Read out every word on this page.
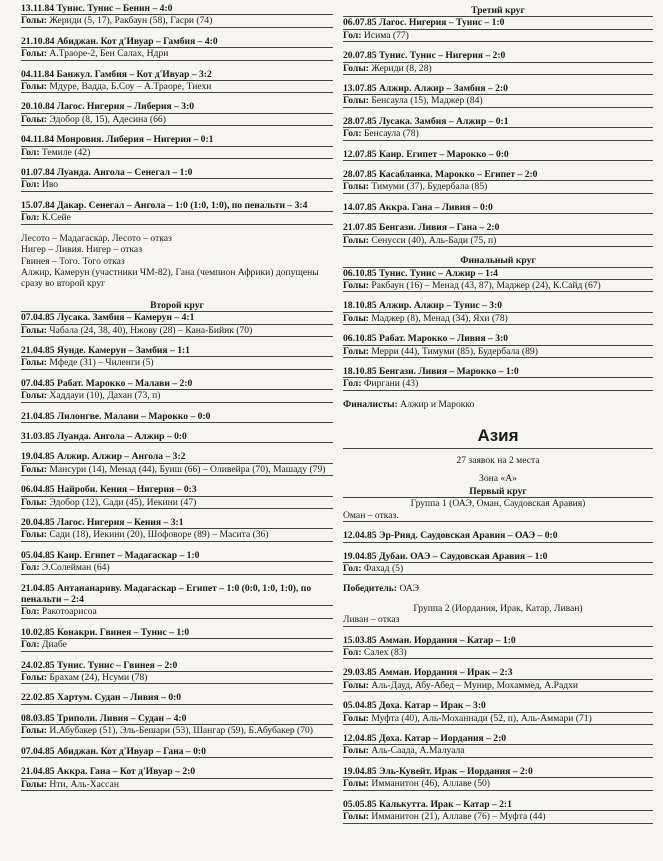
13.11.84 Тунис. Тунис – Бенин – 4:0
Голы: Жериди (5, 17), Ракбаун (58), Гасри (74)
21.10.84 Абиджан. Кот д'Ивуар – Гамбия – 4:0
Голы: А.Траоре-2, Бен Салах, Ндри
04.11.84 Банжул. Гамбия – Кот д'Ивуар – 3:2
Голы: Мдуре, Вадда, Б.Соу – А.Траоре, Тиехи
20.10.84 Лагос. Нигерия – Либерия – 3:0
Голы: Эдобор (8, 15), Адесина (66)
04.11.84 Монровия. Либерия – Нигерия – 0:1
Гол: Темиле (42)
01.07.84 Луанда. Ангола – Сенегал – 1:0
Гол: Иво
15.07.84 Дакар. Сенегал – Ангола – 1:0 (1:0, 1:0), по пенальти – 3:4
Гол: К.Сейе
Лесото – Мадагаскар. Лесото – отказ
Нигер – Ливия. Нигер – отказ
Гвинея – Того. Того отказ
Алжир, Камерун (участники ЧМ-82), Гана (чемпион Африки) допущены сразу во второй круг
Второй круг
07.04.85 Лусака. Замбия – Камерун – 4:1
Голы: Чабала (24, 38, 40), Нжову (28) – Кана-Бийик (70)
21.04.85 Яунде. Камерун – Замбия – 1:1
Голы: Мфеде (31) – Чиленги (5)
07.04.85 Рабат. Марокко – Малави – 2:0
Голы: Хаддауи (10), Дахан (73, п)
21.04.85 Лилонгве. Малави – Марокко – 0:0
31.03.85 Луанда. Ангола – Алжир – 0:0
19.04.85 Алжир. Алжир – Ангола – 3:2
Голы: Мансури (14), Менад (44), Буиш (66) – Оливейра (70), Машаду (79)
06.04.85 Найроби. Кения – Нигерия – 0:3
Голы: Эдобор (12), Сади (45), Иекини (47)
20.04.85 Лагос. Нигерия – Кения – 3:1
Голы: Сади (18), Иекини (20), Шофоворе (89) – Масита (36)
05.04.85 Каир. Египет – Мадагаскар – 1:0
Гол: Э.Солейман (64)
21.04.85 Антананариву. Мадагаскар – Египет – 1:0 (0:0, 1:0, 1:0), по пенальти – 2:4
Гол: Ракотоарисоа
10.02.85 Конакри. Гвинея – Тунис – 1:0
Гол: Диабе
24.02.85 Тунис. Тунис – Гвинея – 2:0
Голы: Брахам (24), Нсуми (78)
22.02.85 Хартум. Судан – Ливия – 0:0
08.03.85 Триполи. Ливия – Судан – 4:0
Голы: И.Абубакер (51), Эль-Бешари (53), Шангар (59), Б.Абубакер (70)
07.04.85 Абиджан. Кот д'Ивуар – Гана – 0:0
21.04.85 Аккра. Гана – Кот д'Ивуар – 2:0
Голы: Нти, Аль-Хассан
Третий круг
06.07.85 Лагос. Нигерия – Тунис – 1:0
Гол: Исима (77)
20.07.85 Тунис. Тунис – Нигерия – 2:0
Голы: Жериди (8, 28)
13.07.85 Алжир. Алжир – Замбия – 2:0
Голы: Бенсаула (15), Маджер (84)
28.07.85 Лусака. Замбия – Алжир – 0:1
Гол: Бенсаула (78)
12.07.85 Каир. Египет – Марокко – 0:0
28.07.85 Касабланка. Марокко – Египет – 2:0
Голы: Тимуми (37), Будербала (85)
14.07.85 Аккра. Гана – Ливия – 0:0
21.07.85 Бенгази. Ливия – Гана – 2:0
Голы: Сенусси (40), Аль-Бади (75, п)
Финальный круг
06.10.85 Тунис. Тунис – Алжир – 1:4
Голы: Ракбаун (16) – Менад (43, 87), Маджер (24), К.Сайд (67)
18.10.85 Алжир. Алжир – Тунис – 3:0
Голы: Маджер (8), Менад (34), Яхи (78)
06.10.85 Рабат. Марокко – Ливия – 3:0
Голы: Мерри (44), Тимуми (85), Будербала (89)
18.10.85 Бенгази. Ливия – Марокко – 1:0
Гол: Фиргани (43)
Финалисты: Алжир и Марокко
Азия
27 заявок на 2 места
Зона «А»
Первый круг
Группа 1 (ОАЭ, Оман, Саудовская Аравия)
Оман – отказ.
12.04.85 Эр-Рияд. Саудовская Аравия – ОАЭ – 0:0
19.04.85 Дубаи. ОАЭ – Саудовская Аравия – 1:0
Гол: Фахад (5)
Победитель: ОАЭ
Группа 2 (Иордания, Ирак, Катар, Ливан)
Ливан – отказ
15.03.85 Амман. Иордания – Катар – 1:0
Гол: Салех (83)
29.03.85 Амман. Иордания – Ирак – 2:3
Голы: Аль-Дауд, Абу-Абед – Мунир, Мохаммед, А.Радхи
05.04.85 Доха. Катар – Ирак – 3:0
Голы: Муфта (40), Аль-Моханнади (52, п), Аль-Аммари (71)
12.04.85 Доха. Катар – Иордания – 2:0
Голы: Аль-Саада, А.Малуала
19.04.85 Эль-Кувейт. Ирак – Иордания – 2:0
Голы: Имманитон (46), Аллаве (50)
05.05.85 Калькутта. Ирак – Катар – 2:1
Голы: Имманитон (21), Аллаве (76) – Муфта (44)
